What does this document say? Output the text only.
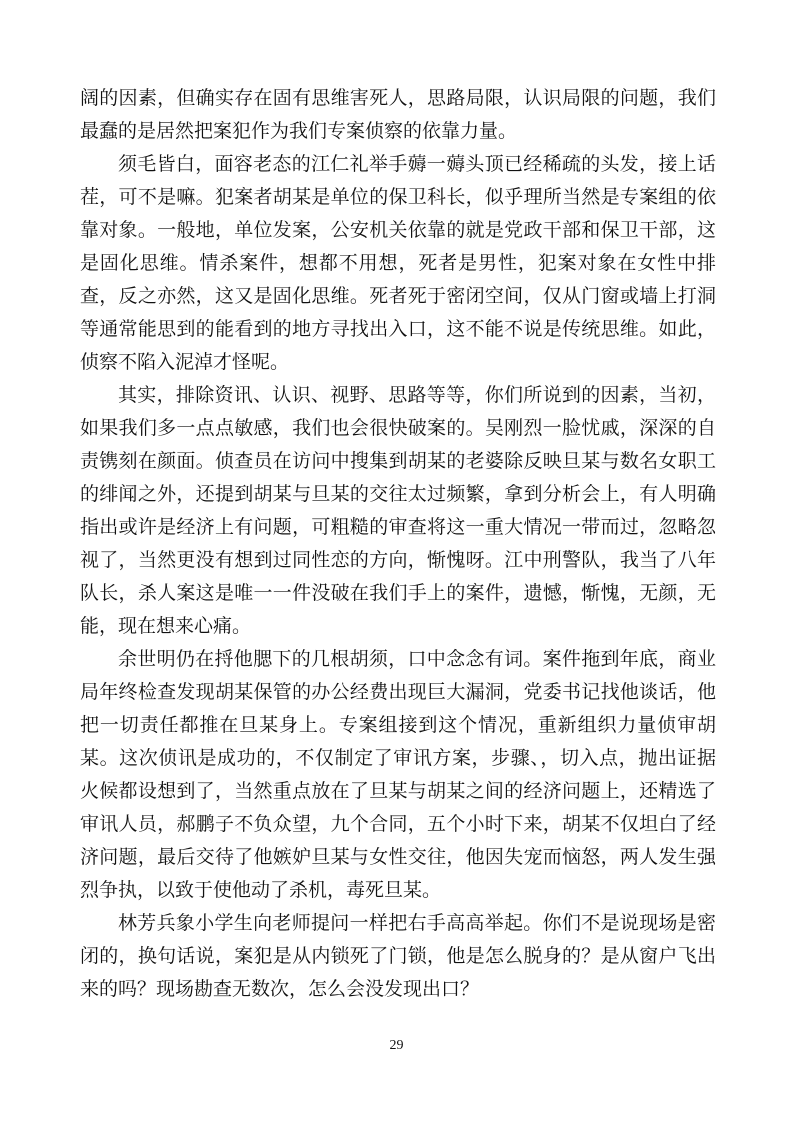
阔的因素，但确实存在固有思维害死人，思路局限，认识局限的问题，我们最蠢的是居然把案犯作为我们专案侦察的依靠力量。

须毛皆白，面容老态的江仁礼举手薅一薅头顶已经稀疏的头发，接上话茬，可不是嘛。犯案者胡某是单位的保卫科长，似乎理所当然是专案组的依靠对象。一般地，单位发案，公安机关依靠的就是党政干部和保卫干部，这是固化思维。情杀案件，想都不用想，死者是男性，犯案对象在女性中排查，反之亦然，这又是固化思维。死者死于密闭空间，仅从门窗或墙上打洞等通常能思到的能看到的地方寻找出入口，这不能不说是传统思维。如此，侦察不陷入泥淖才怪呢。

其实，排除资讯、认识、视野、思路等等，你们所说到的因素，当初，如果我们多一点点敏感，我们也会很快破案的。吴刚烈一脸忧戚，深深的自责镌刻在颜面。侦查员在访问中搜集到胡某的老婆除反映旦某与数名女职工的绯闻之外，还提到胡某与旦某的交往太过频繁，拿到分析会上，有人明确指出或许是经济上有问题，可粗糙的审查将这一重大情况一带而过，忽略忽视了，当然更没有想到过同性恋的方向，惭愧呀。江中刑警队，我当了八年队长，杀人案这是唯一一件没破在我们手上的案件，遗憾，惭愧，无颜，无能，现在想来心痛。

余世明仍在捋他腮下的几根胡须，口中念念有词。案件拖到年底，商业局年终检查发现胡某保管的办公经费出现巨大漏洞，党委书记找他谈话，他把一切责任都推在旦某身上。专案组接到这个情况，重新组织力量侦审胡某。这次侦讯是成功的，不仅制定了审讯方案，步骤、，切入点，抛出证据火候都设想到了，当然重点放在了旦某与胡某之间的经济问题上，还精选了审讯人员，郝鹏子不负众望，九个合同，五个小时下来，胡某不仅坦白了经济问题，最后交待了他嫉妒旦某与女性交往，他因失宠而恼怒，两人发生强烈争执，以致于使他动了杀机，毒死旦某。

林芳兵象小学生向老师提问一样把右手高高举起。你们不是说现场是密闭的，换句话说，案犯是从内锁死了门锁，他是怎么脱身的？是从窗户飞出来的吗？现场勘查无数次，怎么会没发现出口？

29
